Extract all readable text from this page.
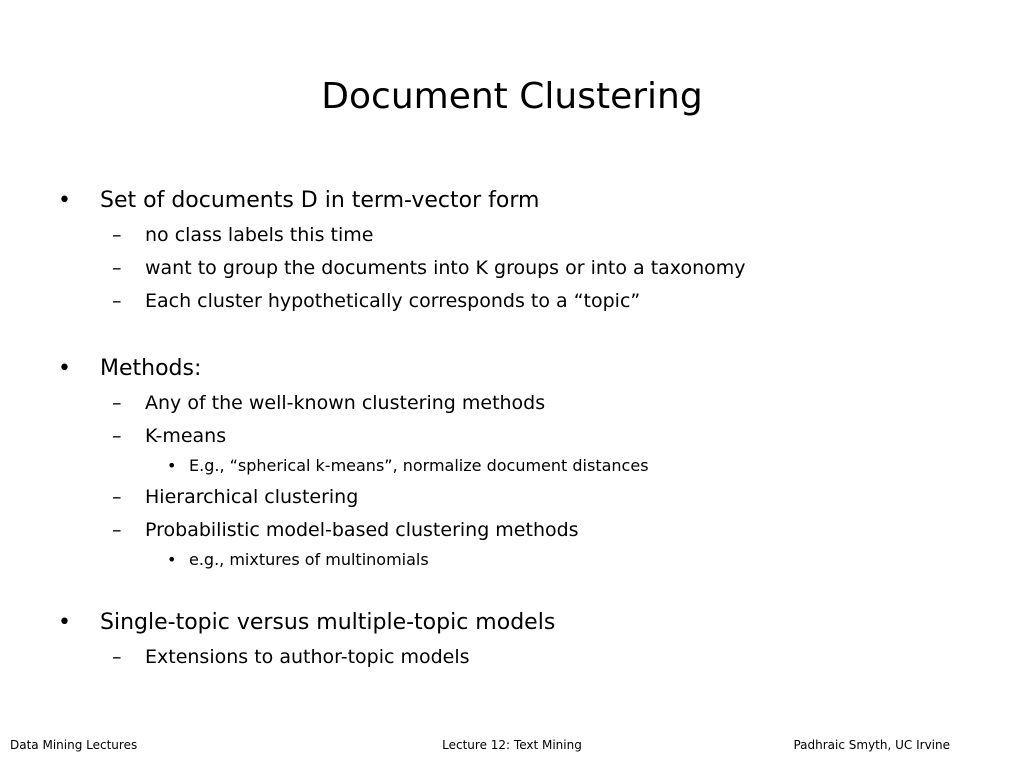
Document Clustering
• Set of documents D in term-vector form
– no class labels this time
– want to group the documents into K groups or into a taxonomy
– Each cluster hypothetically corresponds to a “topic”
• Methods:
– Any of the well-known clustering methods
– K-means
• E.g., “spherical k-means”, normalize document distances
– Hierarchical clustering
– Probabilistic model-based clustering methods
• e.g., mixtures of multinomials
• Single-topic versus multiple-topic models
– Extensions to author-topic models
Data Mining Lectures	Lecture 12: Text Mining	Padhraic Smyth, UC Irvine
